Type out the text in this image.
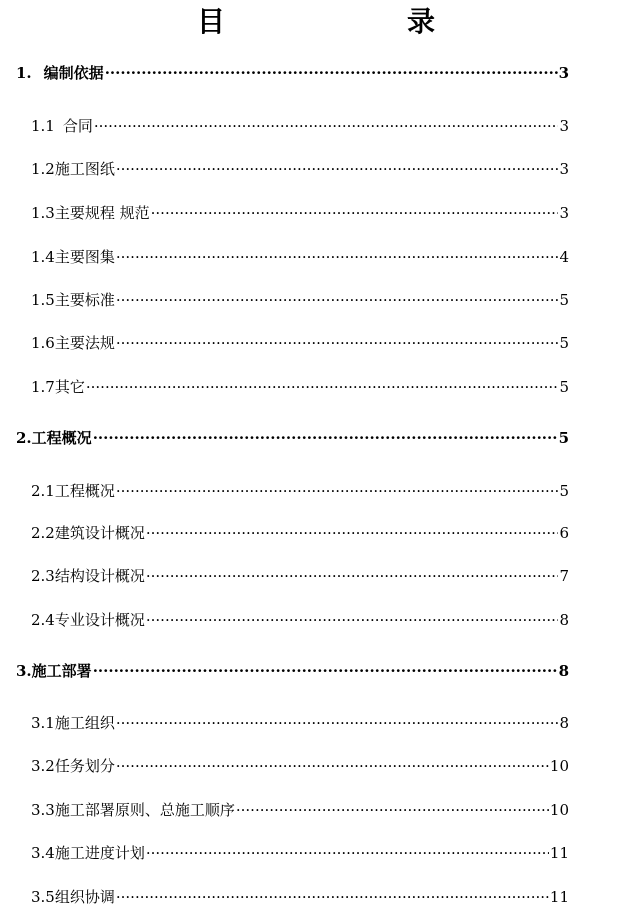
目　　录
1. 编制依据 .....	3
1.1 合同 .....	3
1.2 施工图纸 .....	3
1.3 主要规程 规范 .....	3
1.4 主要图集 .....	4
1.5 主要标准 .....	5
1.6 主要法规 .....	5
1.7 其它 .....	5
2. 工程概况 .....	5
2.1 工程概况 .....	5
2.2 建筑设计概况 .....	6
2.3 结构设计概况 .....	7
2.4 专业设计概况 .....	8
3. 施工部署 .....	8
3.1 施工组织 .....	8
3.2 任务划分 .....	10
3.3 施工部署原则、总施工顺序 .....	10
3.4 施工进度计划 .....	11
3.5 组织协调 .....	11
